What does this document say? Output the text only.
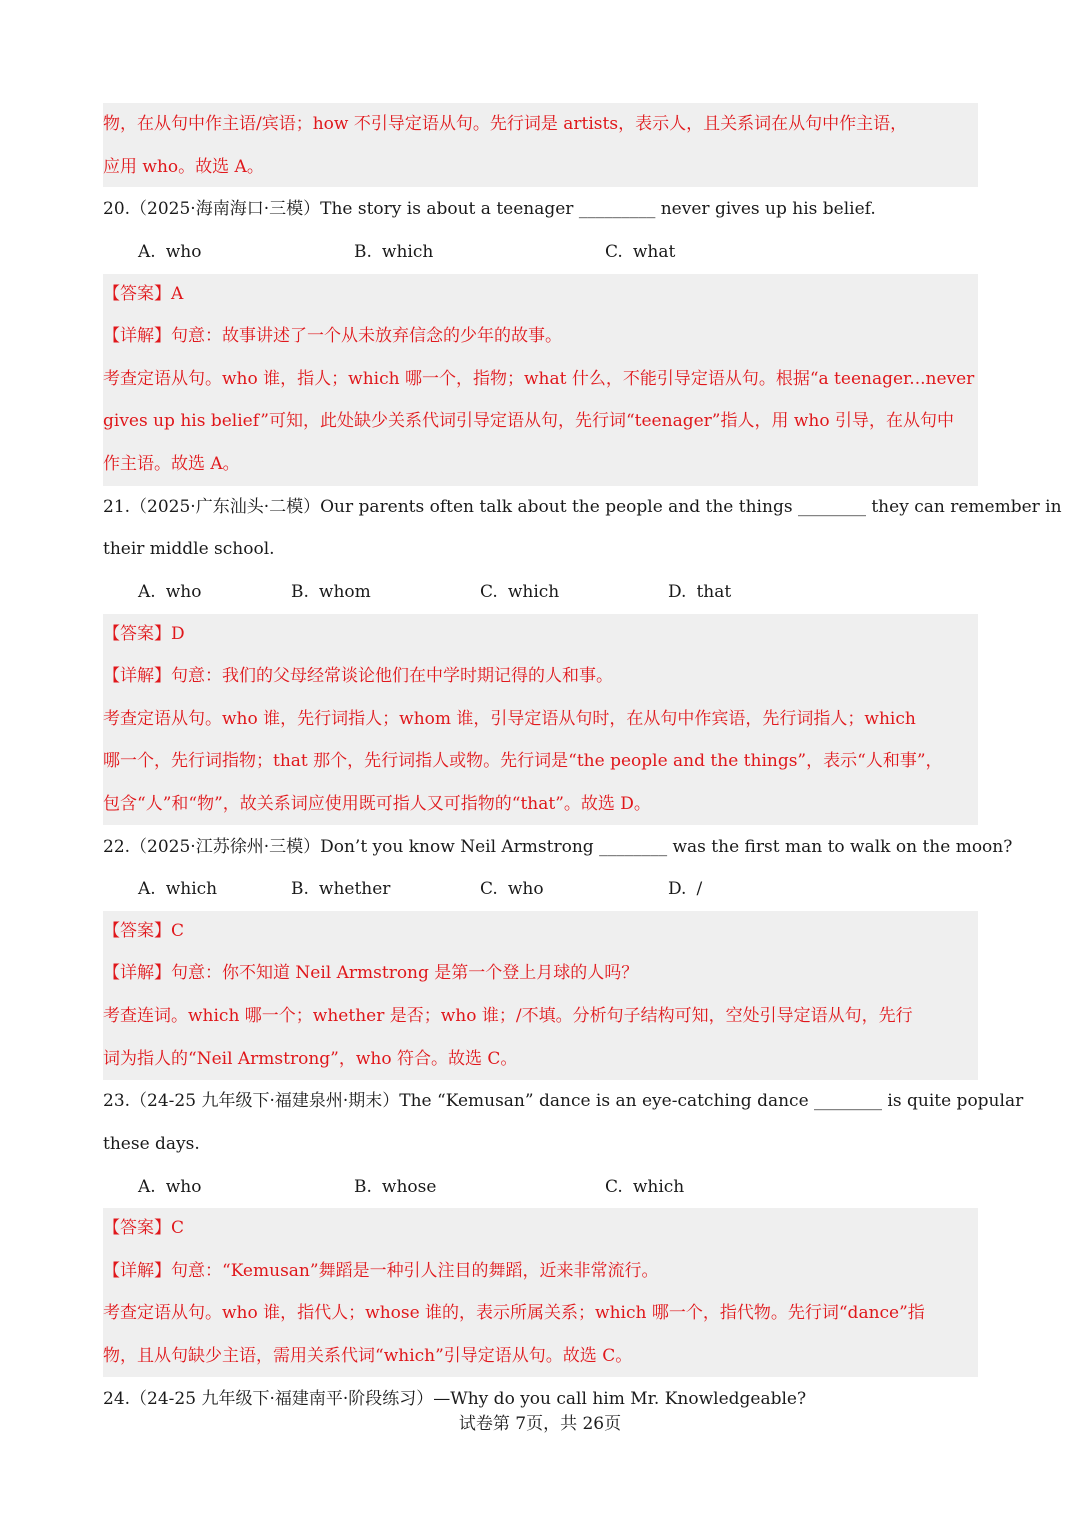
物，在从句中作主语/宾语；how 不引导定语从句。先行词是 artists，表示人，且关系词在从句中作主语，
应用 who。故选 A。
20.（2025·海南海口·三模）The story is about a teenager _________ never gives up his belief.
A. who	B. which	C. what
【答案】A
【详解】句意：故事讲述了一个从未放弃信念的少年的故事。
考查定语从句。who 谁，指人；which 哪一个，指物；what 什么，不能引导定语从句。根据“a teenager...never
gives up his belief”可知，此处缺少关系代词引导定语从句，先行词“teenager”指人，用 who 引导，在从句中
作主语。故选 A。
21.（2025·广东汕头·二模）Our parents often talk about the people and the things ________ they can remember in
their middle school.
A. who	B. whom	C. which	D. that
【答案】D
【详解】句意：我们的父母经常谈论他们在中学时期记得的人和事。
考查定语从句。who 谁，先行词指人；whom 谁，引导定语从句时，在从句中作宾语，先行词指人；which
哪一个，先行词指物；that 那个，先行词指人或物。先行词是“the people and the things”，表示“人和事”，
包含“人”和“物”，故关系词应使用既可指人又可指物的“that”。故选 D。
22.（2025·江苏徐州·三模）Don’t you know Neil Armstrong ________ was the first man to walk on the moon?
A. which	B. whether	C. who	D. /
【答案】C
【详解】句意：你不知道 Neil Armstrong 是第一个登上月球的人吗？
考查连词。which 哪一个；whether 是否；who 谁；/不填。分析句子结构可知，空处引导定语从句，先行
词为指人的“Neil Armstrong”，who 符合。故选 C。
23.（24-25 九年级下·福建泉州·期末）The “Kemusan” dance is an eye-catching dance ________ is quite popular
these days.
A. who	B. whose	C. which
【答案】C
【详解】句意：“Kemusan”舞蹈是一种引人注目的舞蹈，近来非常流行。
考查定语从句。who 谁，指代人；whose 谁的，表示所属关系；which 哪一个，指代物。先行词“dance”指
物，且从句缺少主语，需用关系代词“which”引导定语从句。故选 C。
24.（24-25 九年级下·福建南平·阶段练习）—Why do you call him Mr. Knowledgeable?
试卷第 7页，共 26页
